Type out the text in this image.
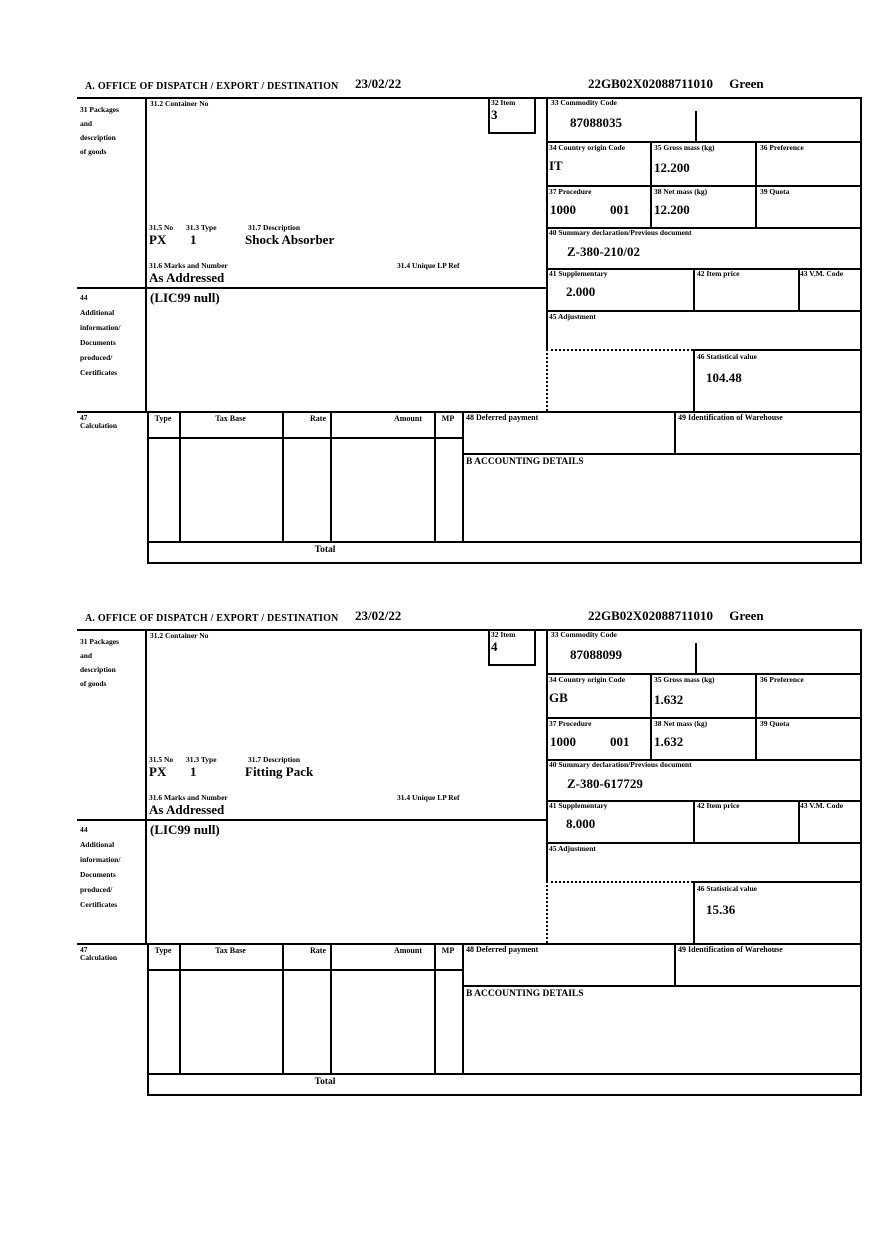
A. OFFICE OF DISPATCH / EXPORT / DESTINATION 23/02/22	22GB02X02088711010 Green
31 Packages
and
description
of goods
31.2 Container No	32 Item
3
33 Commodity Code
87088035
31.5 No 31.3 Type	31.7 Description
PX 1	Shock Absorber
31.6 Marks and Number	31.4 Unique LP Ref
As Addressed
44
Additional
information/
Documents
produced/
Certificates
(LIC99 null)
34 Country origin Code
IT
35 Gross mass (kg)
12.200
36 Preference
37 Procedure
1000	001
38 Net mass (kg)
12.200
39 Quota
40 Summary declaration/Previous document
Z-380-210/02
41 Supplementary
2.000
42 Item price	43 V.M. Code
45 Adjustment
46 Statistical value
104.48
47
Calculation
Type	Tax Base	Rate	Amount	MP
Total
48 Deferred payment	49 Identification of Warehouse
B ACCOUNTING DETAILS
A. OFFICE OF DISPATCH / EXPORT / DESTINATION 23/02/22	22GB02X02088711010 Green
31 Packages
and
description
of goods
31.2 Container No	32 Item
4
33 Commodity Code
87088099
31.5 No 31.3 Type	31.7 Description
PX 1	Fitting Pack
31.6 Marks and Number	31.4 Unique LP Ref
As Addressed
44
Additional
information/
Documents
produced/
Certificates
(LIC99 null)
34 Country origin Code
GB
35 Gross mass (kg)
1.632
36 Preference
37 Procedure
1000	001
38 Net mass (kg)
1.632
39 Quota
40 Summary declaration/Previous document
Z-380-617729
41 Supplementary
8.000
42 Item price	43 V.M. Code
45 Adjustment
46 Statistical value
15.36
47
Calculation
Type	Tax Base	Rate	Amount	MP
Total
48 Deferred payment	49 Identification of Warehouse
B ACCOUNTING DETAILS
